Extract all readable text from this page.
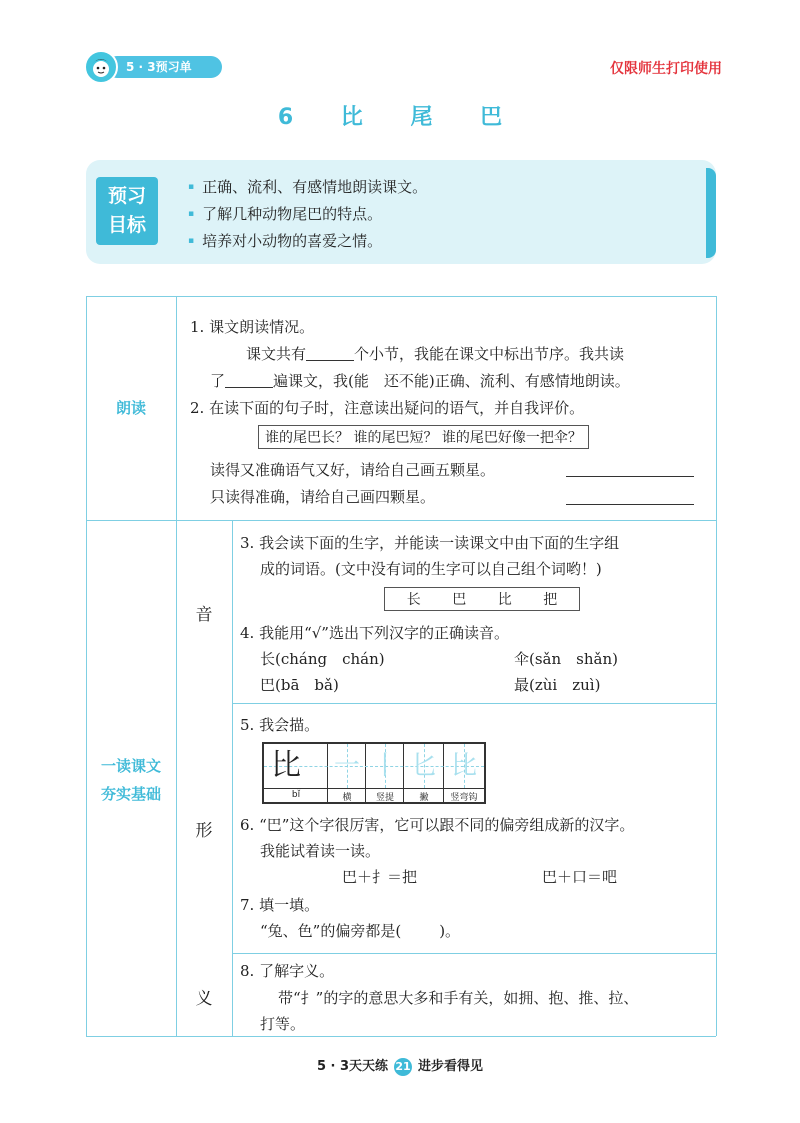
5 · 3预习单	仅限师生打印使用
6 比 尾 巴
预习
目标
▪ 正确、流利、有感情地朗读课文。
▪ 了解几种动物尾巴的特点。
▪ 培养对小动物的喜爱之情。
朗读
1. 课文朗读情况。
课文共有	个小节，我能在课文中标出节序。我共读
了	遍课文，我(能　还不能)正确、流利、有感情地朗读。
2. 在读下面的句子时，注意读出疑问的语气，并自我评价。
谁的尾巴长？ 谁的尾巴短？ 谁的尾巴好像一把伞？
读得又准确语气又好，请给自己画五颗星。
只读得准确，请给自己画四颗星。
一读课文
夯实基础
音
3. 我会读下面的生字，并能读一读课文中由下面的生字组
成的词语。(文中没有词的生字可以自己组个词哟！)
长 巴 比 把
4. 我能用“√”选出下列汉字的正确读音。
长(cháng　chán)	伞(sǎn　shǎn)
巴(bā　bǎ)	最(zùi　zuì)
形
5. 我会描。
比 一 丨 匕 比
bǐ	横	竖提	撇	竖弯钩
6. “巴”这个字很厉害，它可以跟不同的偏旁组成新的汉字。
我能试着读一读。
巴＋扌＝把	巴＋口＝吧
7. 填一填。
“兔、色”的偏旁都是(	)。
义
8. 了解字义。
带“扌”的字的意思大多和手有关，如拥、抱、推、拉、
打等。
5 · 3天天练 21 进步看得见
